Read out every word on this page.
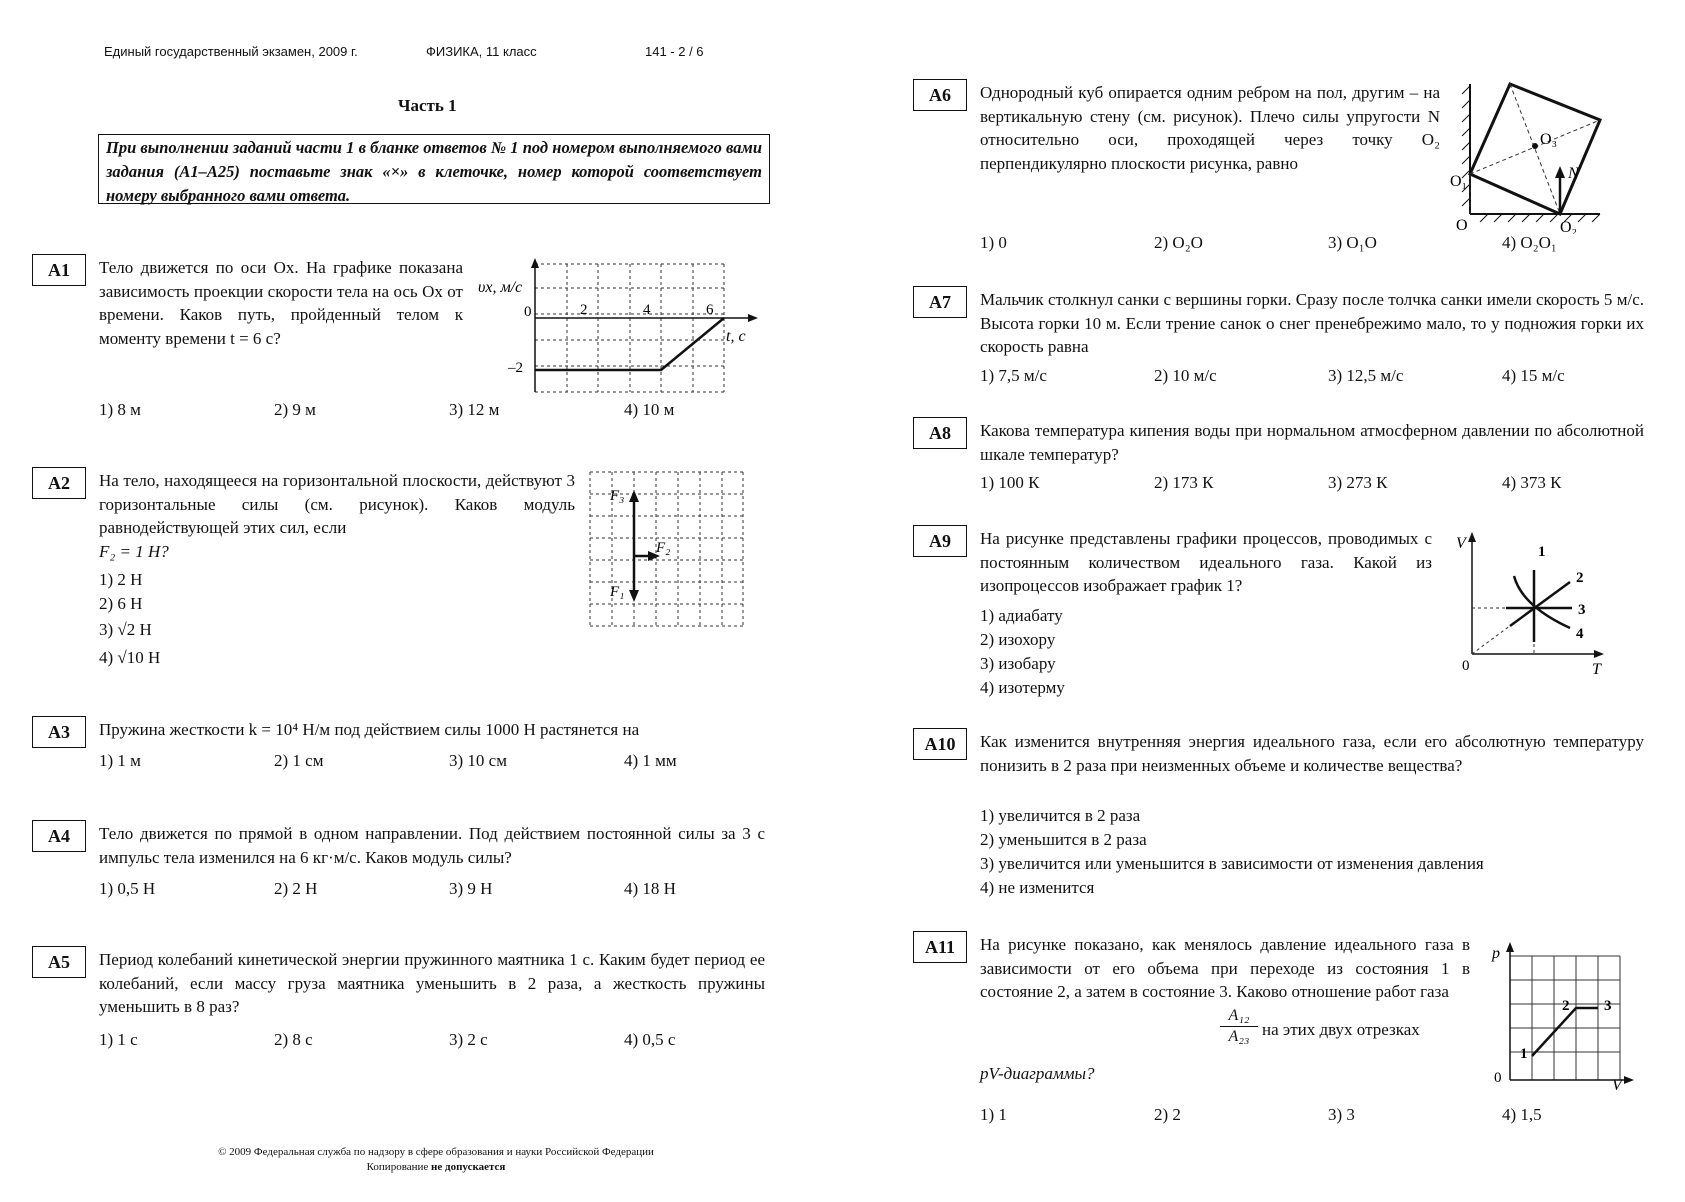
Единый государственный экзамен, 2009 г.	ФИЗИКА, 11 класс	141 - 2 / 6
Часть 1
При выполнении заданий части 1 в бланке ответов № 1 под номером выполняемого вами задания (А1–А25) поставьте знак «×» в клеточке, номер которой соответствует номеру выбранного вами ответа.
A1	Тело движется по оси Ox. На графике показана зависимость проекции скорости тела на ось Ox от времени. Каков путь, пройденный телом к моменту времени t = 6 с?
υx, м/с
0	2	4	6
–2
t, с
1) 8 м	2) 9 м	3) 12 м	4) 10 м
A2	На тело, находящееся на горизонтальной плоскости, действуют 3 горизонтальные силы (см. рисунок). Каков модуль равнодействующей этих сил, если
F₂ = 1 Н?
1) 2 Н
2) 6 Н
3) √2 Н
4) √10 Н
F₃
F₂
F₁
A3	Пружина жесткости k = 10⁴ Н/м под действием силы 1000 Н растянется на
1) 1 м	2) 1 см	3) 10 см	4) 1 мм
A4	Тело движется по прямой в одном направлении. Под действием постоянной силы за 3 с импульс тела изменился на 6 кг·м/с. Каков модуль силы?
1) 0,5 Н	2) 2 Н	3) 9 Н	4) 18 Н
A5	Период колебаний кинетической энергии пружинного маятника 1 с. Каким будет период ее колебаний, если массу груза маятника уменьшить в 2 раза, а жесткость пружины уменьшить в 8 раз?
1) 1 с	2) 8 с	3) 2 с	4) 0,5 с
© 2009 Федеральная служба по надзору в сфере образования и науки Российской Федерации
Копирование не допускается
A6	Однородный куб опирается одним ребром на пол, другим – на вертикальную стену (см. рисунок). Плечо силы упругости N относительно оси, проходящей через точку O₂ перпендикулярно плоскости рисунка, равно
O₁
O	O₂
O₃
N
1) 0	2) O₂O	3) O₁O	4) O₂O₁
A7	Мальчик столкнул санки с вершины горки. Сразу после толчка санки имели скорость 5 м/с. Высота горки 10 м. Если трение санок о снег пренебрежимо мало, то у подножия горки их скорость равна
1) 7,5 м/с	2) 10 м/с	3) 12,5 м/с	4) 15 м/с
A8	Какова температура кипения воды при нормальном атмосферном давлении по абсолютной шкале температур?
1) 100 К	2) 173 К	3) 273 К	4) 373 К
A9	На рисунке представлены графики процессов, проводимых с постоянным количеством идеального газа. Какой из изопроцессов изображает график 1?
1) адиабату
2) изохору
3) изобару
4) изотерму
V
0	T
1
2
3
4
A10	Как изменится внутренняя энергия идеального газа, если его абсолютную температуру понизить в 2 раза при неизменных объеме и количестве вещества?
1) увеличится в 2 раза
2) уменьшится в 2 раза
3) увеличится или уменьшится в зависимости от изменения давления
4) не изменится
A11	На рисунке показано, как менялось давление идеального газа в зависимости от его объема при переходе из состояния 1 в состояние 2, а затем в состояние 3. Каково отношение работ газа
$\frac{\text{A₁₂}}{\text{A₂₃}}$ на этих двух отрезках
pV-диаграммы?
p
0	V
1
2 3
1) 1	2) 2	3) 3	4) 1,5
